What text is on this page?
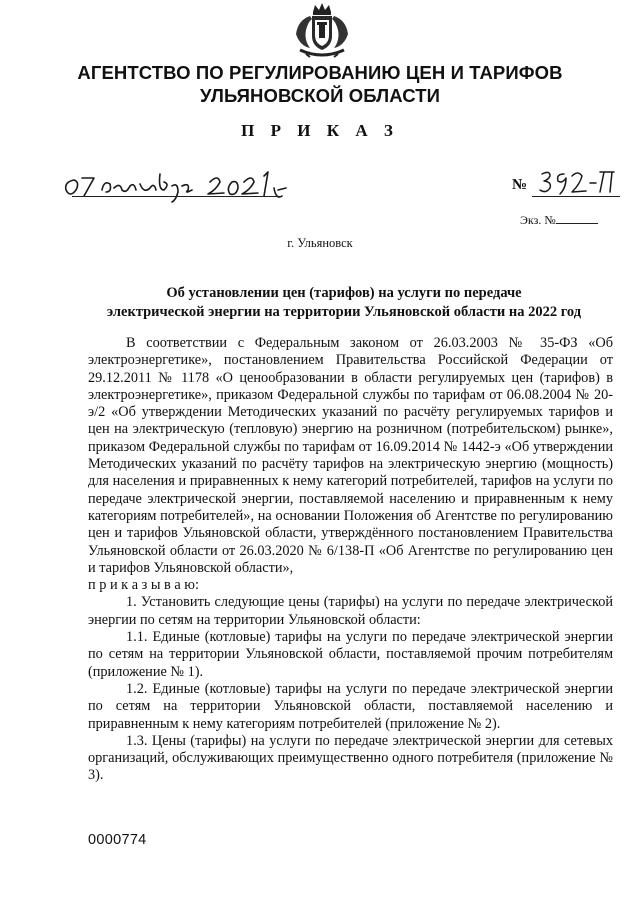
АГЕНТСТВО ПО РЕГУЛИРОВАНИЮ ЦЕН И ТАРИФОВ
УЛЬЯНОВСКОЙ ОБЛАСТИ
П Р И К А З
№
Экз. №
г. Ульяновск
Об установлении цен (тарифов) на услуги по передаче
электрической энергии на территории Ульяновской области на 2022 год

В соответствии с Федеральным законом от 26.03.2003 № 35-ФЗ «Об электроэнергетике», постановлением Правительства Российской Федерации от 29.12.2011 № 1178 «О ценообразовании в области регулируемых цен (тарифов) в электроэнергетике», приказом Федеральной службы по тарифам от 06.08.2004 № 20-э/2 «Об утверждении Методических указаний по расчёту регулируемых тарифов и цен на электрическую (тепловую) энергию на розничном (потребительском) рынке», приказом Федеральной службы по тарифам от 16.09.2014 № 1442-э «Об утверждении Методических указаний по расчёту тарифов на электрическую энергию (мощность) для населения и приравненных к нему категорий потребителей, тарифов на услуги по передаче электрической энергии, поставляемой населению и приравненным к нему категориям потребителей», на основании Положения об Агентстве по регулированию цен и тарифов Ульяновской области, утверждённого постановлением Правительства Ульяновской области от 26.03.2020 № 6/138-П «Об Агентстве по регулированию цен и тарифов Ульяновской области»,

п р и к а з ы в а ю:

1. Установить следующие цены (тарифы) на услуги по передаче электрической энергии по сетям на территории Ульяновской области:

1.1. Единые (котловые) тарифы на услуги по передаче электрической энергии по сетям на территории Ульяновской области, поставляемой прочим потребителям (приложение № 1).

1.2. Единые (котловые) тарифы на услуги по передаче электрической энергии по сетям на территории Ульяновской области, поставляемой населению и приравненным к нему категориям потребителей (приложение № 2).

1.3. Цены (тарифы) на услуги по передаче электрической энергии для сетевых организаций, обслуживающих преимущественно одного потребителя (приложение № 3).

0000774
